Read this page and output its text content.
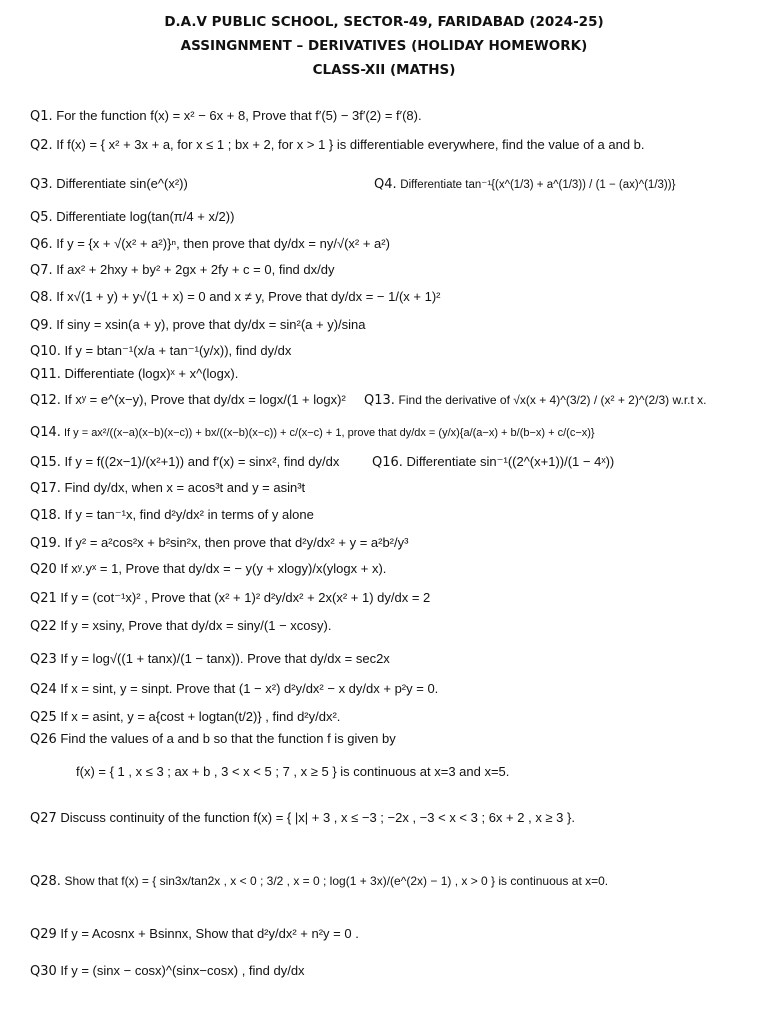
D.A.V PUBLIC SCHOOL, SECTOR-49, FARIDABAD (2024-25)
ASSINGNMENT – DERIVATIVES (HOLIDAY HOMEWORK)
CLASS-XII (MATHS)
Q1. For the function f(x) = x² − 6x + 8, Prove that f′(5) − 3f′(2) = f′(8).
Q2. If f(x) = { x² + 3x + a, for x ≤ 1 ; bx + 2, for x > 1 } is differentiable everywhere, find the value of a and b.
Q3. Differentiate sin(e^(x²))	Q4. Differentiate tan⁻¹{(x^(1/3) + a^(1/3)) / (1 − (ax)^(1/3))}
Q5. Differentiate log(tan(π/4 + x/2))
Q6. If y = {x + √(x² + a²)}ⁿ, then prove that dy/dx = ny/√(x² + a²)
Q7. If ax² + 2hxy + by² + 2gx + 2fy + c = 0, find dx/dy
Q8. If x√(1 + y) + y√(1 + x) = 0 and x ≠ y, Prove that dy/dx = − 1/(x + 1)²
Q9. If siny = xsin(a + y), prove that dy/dx = sin²(a + y)/sina
Q10. If y = btan⁻¹(x/a + tan⁻¹(y/x)), find dy/dx
Q11. Differentiate (logx)ˣ + x^(logx).
Q12. If xʸ = e^(x−y), Prove that dy/dx = logx/(1 + logx)² Q13. Find the derivative of √x(x + 4)^(3/2) / (x² + 2)^(2/3) w.r.t x.
Q14. If y = ax²/((x−a)(x−b)(x−c)) + bx/((x−b)(x−c)) + c/(x−c) + 1, prove that dy/dx = (y/x){a/(a−x) + b/(b−x) + c/(c−x)}
Q15. If y = f((2x−1)/(x²+1)) and f′(x) = sinx², find dy/dx	Q16. Differentiate sin⁻¹((2^(x+1))/(1 − 4ˣ))
Q17. Find dy/dx, when x = acos³t and y = asin³t
Q18. If y = tan⁻¹x, find d²y/dx² in terms of y alone
Q19. If y² = a²cos²x + b²sin²x, then prove that d²y/dx² + y = a²b²/y³
Q20 If xʸ.yˣ = 1, Prove that dy/dx = − y(y + xlogy)/x(ylogx + x).
Q21 If y = (cot⁻¹x)² , Prove that (x² + 1)² d²y/dx² + 2x(x² + 1) dy/dx = 2
Q22 If y = xsiny, Prove that dy/dx = siny/(1 − xcosy).
Q23 If y = log√((1 + tanx)/(1 − tanx)). Prove that dy/dx = sec2x
Q24 If x = sint, y = sinpt. Prove that (1 − x²) d²y/dx² − x dy/dx + p²y = 0.
Q25 If x = asint, y = a{cost + logtan(t/2)} , find d²y/dx².
Q26 Find the values of a and b so that the function f is given by
f(x) = { 1 , x ≤ 3 ; ax + b , 3 < x < 5 ; 7 , x ≥ 5 } is continuous at x=3 and x=5.
Q27 Discuss continuity of the function f(x) = { |x| + 3 , x ≤ −3 ; −2x , −3 < x < 3 ; 6x + 2 , x ≥ 3 }.
Q28. Show that f(x) = { sin3x/tan2x , x < 0 ; 3/2 , x = 0 ; log(1 + 3x)/(e^(2x) − 1) , x > 0 } is continuous at x=0.
Q29 If y = Acosnx + Bsinnx, Show that d²y/dx² + n²y = 0 .
Q30 If y = (sinx − cosx)^(sinx−cosx) , find dy/dx
